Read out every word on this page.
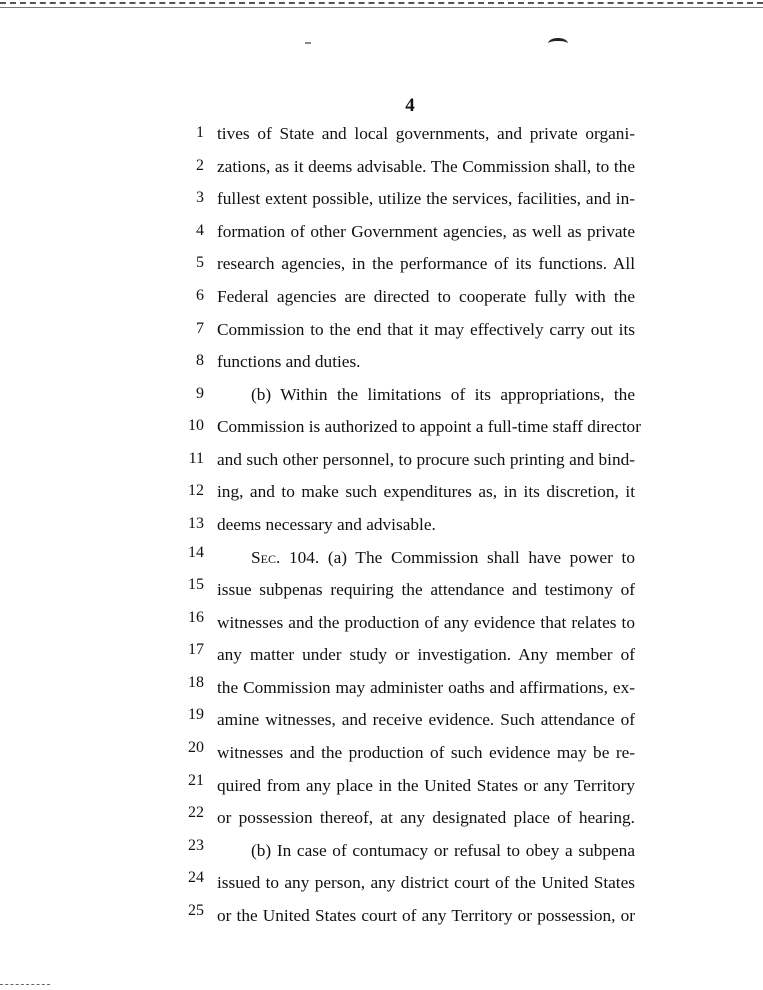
4
1 tives of State and local governments, and private organi-
2 zations, as it deems advisable. The Commission shall, to the
3 fullest extent possible, utilize the services, facilities, and in-
4 formation of other Government agencies, as well as private
5 research agencies, in the performance of its functions. All
6 Federal agencies are directed to cooperate fully with the
7 Commission to the end that it may effectively carry out its
8 functions and duties.
9	(b) Within the limitations of its appropriations, the
10 Commission is authorized to appoint a full-time staff director
11 and such other personnel, to procure such printing and bind-
12 ing, and to make such expenditures as, in its discretion, it
13 deems necessary and advisable.
14	Sec. 104. (a) The Commission shall have power to
15 issue subpenas requiring the attendance and testimony of
16 witnesses and the production of any evidence that relates to
17 any matter under study or investigation. Any member of
18 the Commission may administer oaths and affirmations, ex-
19 amine witnesses, and receive evidence. Such attendance of
20 witnesses and the production of such evidence may be re-
21 quired from any place in the United States or any Territory
22 or possession thereof, at any designated place of hearing.
23	(b) In case of contumacy or refusal to obey a subpena
24 issued to any person, any district court of the United States
25 or the United States court of any Territory or possession, or
